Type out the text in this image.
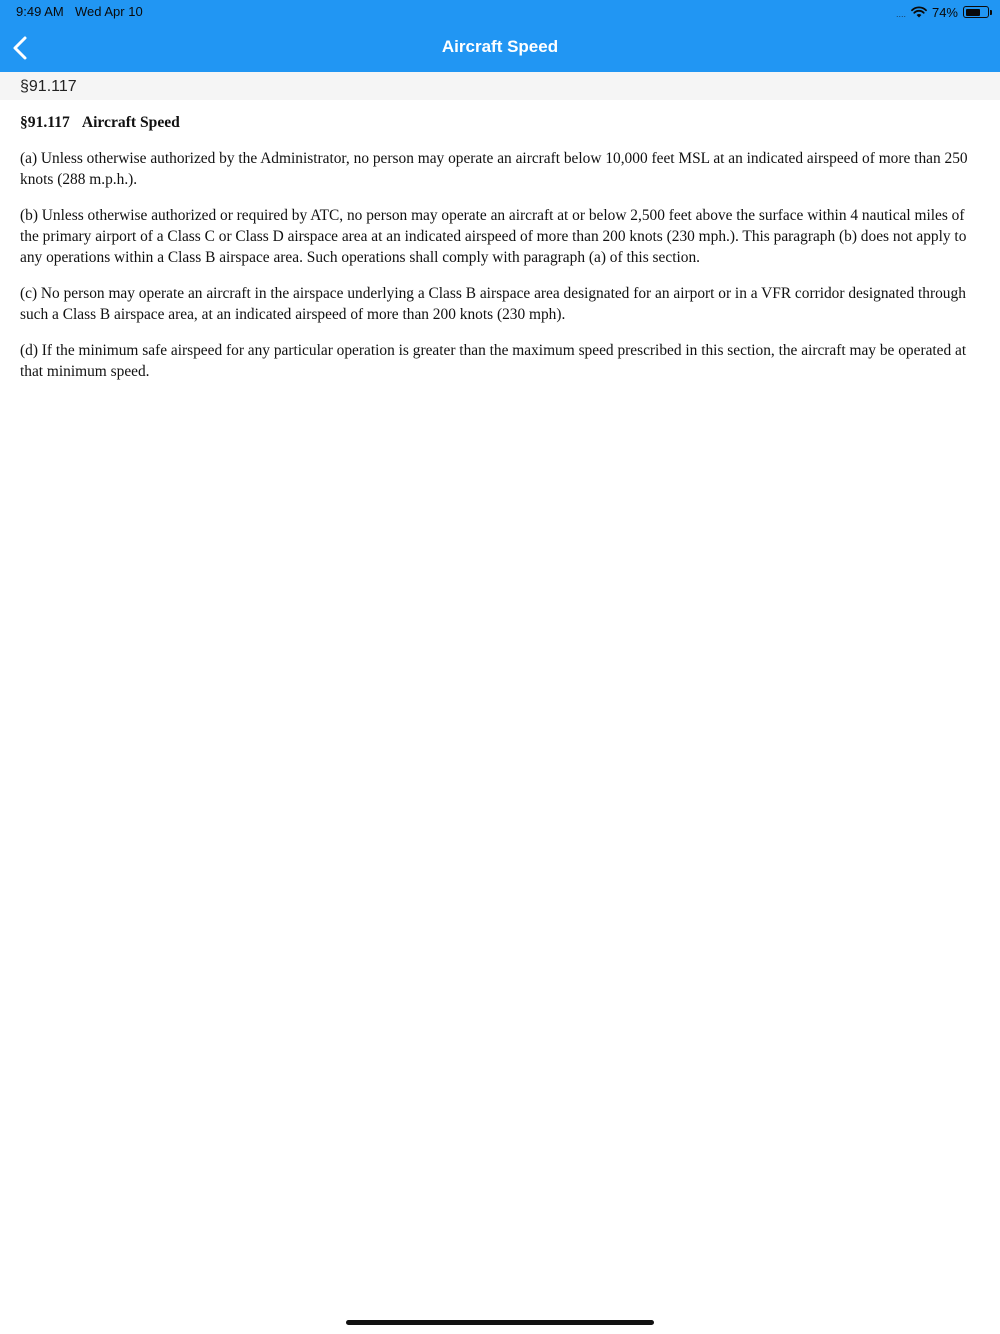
9:49 AM Wed Apr 10	.... 74%
Aircraft Speed
§91.117

§91.117 Aircraft Speed

(a) Unless otherwise authorized by the Administrator, no person may operate an aircraft below 10,000 feet MSL at an indicated airspeed of more than 250 knots (288 m.p.h.).

(b) Unless otherwise authorized or required by ATC, no person may operate an aircraft at or below 2,500 feet above the surface within 4 nautical miles of the primary airport of a Class C or Class D airspace area at an indicated airspeed of more than 200 knots (230 mph.). This paragraph (b) does not apply to any operations within a Class B airspace area. Such operations shall comply with paragraph (a) of this section.

(c) No person may operate an aircraft in the airspace underlying a Class B airspace area designated for an airport or in a VFR corridor designated through such a Class B airspace area, at an indicated airspeed of more than 200 knots (230 mph).

(d) If the minimum safe airspeed for any particular operation is greater than the maximum speed prescribed in this section, the aircraft may be operated at that minimum speed.
